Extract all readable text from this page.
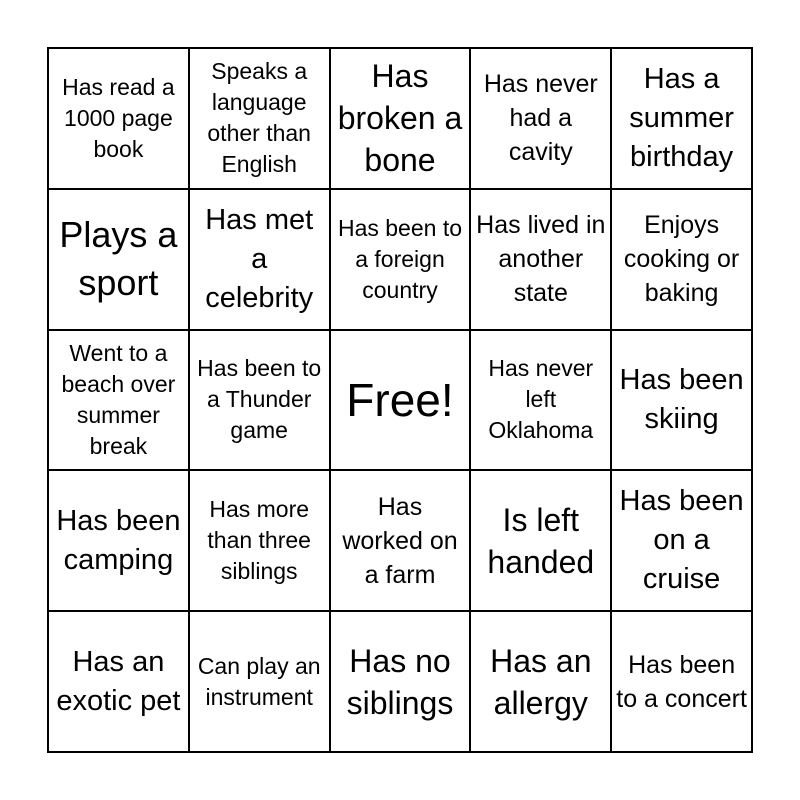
Has read a 1000 page book
Speaks a language other than English
Has broken a bone
Has never had a cavity
Has a summer birthday
Plays a sport
Has met a celebrity
Has been to a foreign country
Has lived in another state
Enjoys cooking or baking
Went to a beach over summer break
Has been to a Thunder game
Free!
Has never left Oklahoma
Has been skiing
Has been camping
Has more than three siblings
Has worked on a farm
Is left handed
Has been on a cruise
Has an exotic pet
Can play an instrument
Has no siblings
Has an allergy
Has been to a concert
